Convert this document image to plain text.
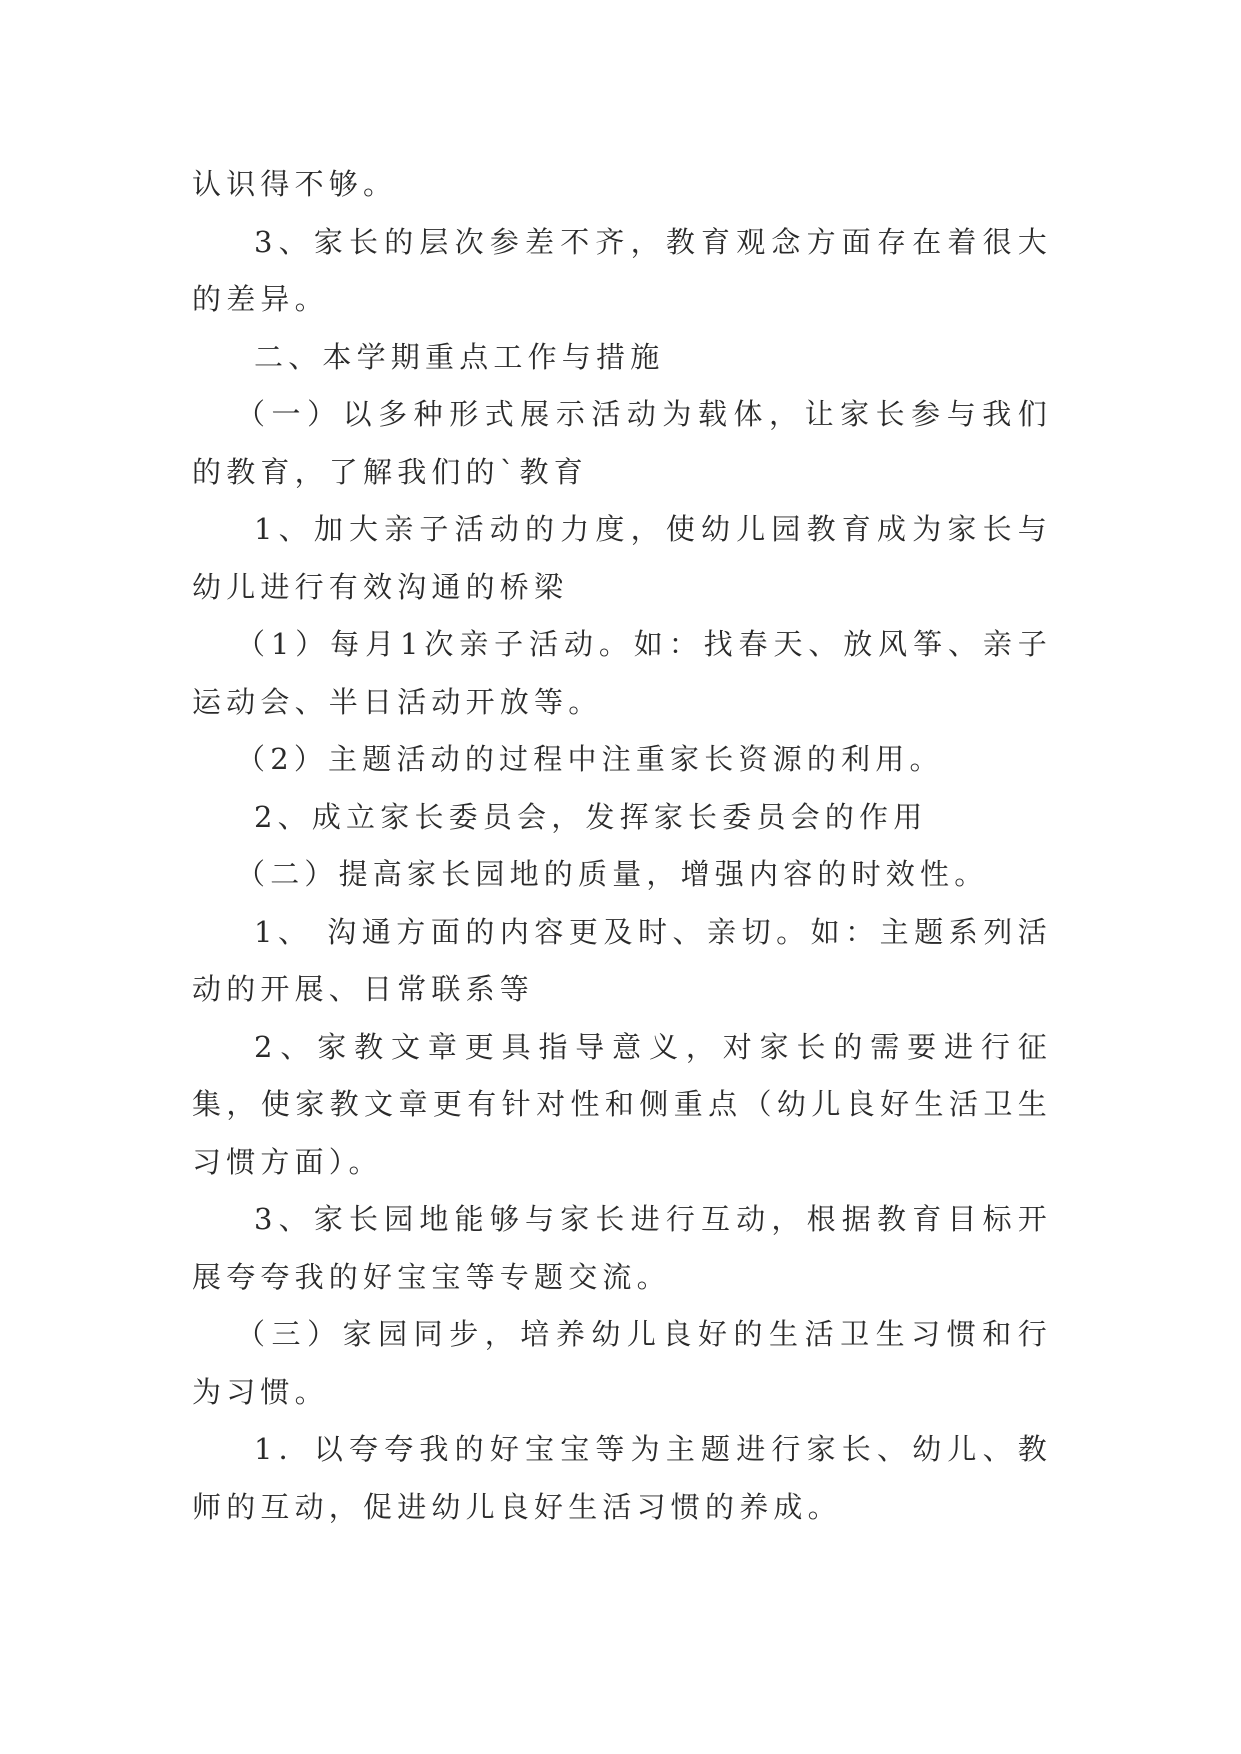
认识得不够。

3、家长的层次参差不齐，教育观念方面存在着很大的差异。

二、本学期重点工作与措施

（一）以多种形式展示活动为载体，让家长参与我们的教育，了解我们的`教育

1、加大亲子活动的力度，使幼儿园教育成为家长与幼儿进行有效沟通的桥梁

（1）每月1次亲子活动。如：找春天、放风筝、亲子运动会、半日活动开放等。

（2）主题活动的过程中注重家长资源的利用。

2、成立家长委员会，发挥家长委员会的作用

（二）提高家长园地的质量，增强内容的时效性。

1、 沟通方面的内容更及时、亲切。如：主题系列活动的开展、日常联系等

2、家教文章更具指导意义，对家长的需要进行征集，使家教文章更有针对性和侧重点（幼儿良好生活卫生习惯方面）。

3、家长园地能够与家长进行互动，根据教育目标开展夸夸我的好宝宝等专题交流。

（三）家园同步，培养幼儿良好的生活卫生习惯和行为习惯。

1．以夸夸我的好宝宝等为主题进行家长、幼儿、教师的互动，促进幼儿良好生活习惯的养成。
